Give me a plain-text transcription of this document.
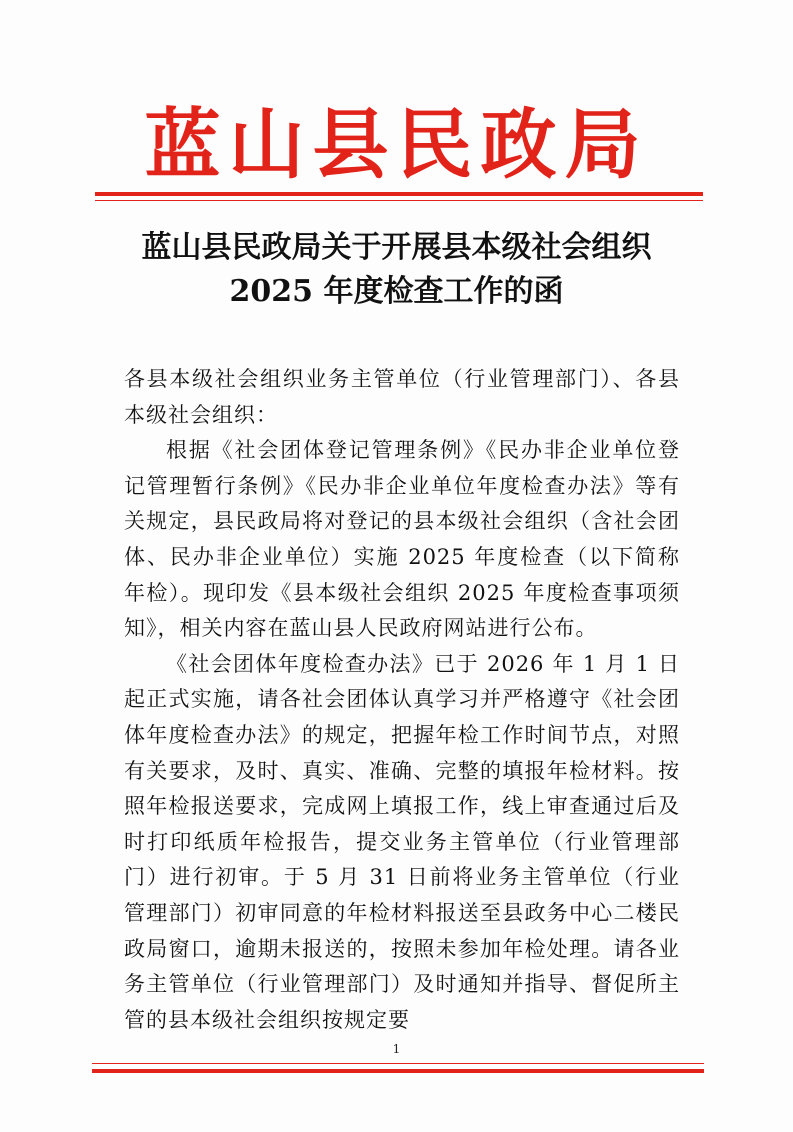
蓝山县民政局
蓝山县民政局关于开展县本级社会组织
2025 年度检查工作的函

各县本级社会组织业务主管单位（行业管理部门）、各县本级社会组织：

根据《社会团体登记管理条例》《民办非企业单位登记管理暂行条例》《民办非企业单位年度检查办法》等有关规定，县民政局将对登记的县本级社会组织（含社会团体、民办非企业单位）实施 2025 年度检查（以下简称年检）。现印发《县本级社会组织 2025 年度检查事项须知》，相关内容在蓝山县人民政府网站进行公布。

《社会团体年度检查办法》已于 2026 年 1 月 1 日起正式实施，请各社会团体认真学习并严格遵守《社会团体年度检查办法》的规定，把握年检工作时间节点，对照有关要求，及时、真实、准确、完整的填报年检材料。按照年检报送要求，完成网上填报工作，线上审查通过后及时打印纸质年检报告，提交业务主管单位（行业管理部门）进行初审。于 5 月 31 日前将业务主管单位（行业管理部门）初审同意的年检材料报送至县政务中心二楼民政局窗口，逾期未报送的，按照未参加年检处理。请各业务主管单位（行业管理部门）及时通知并指导、督促所主管的县本级社会组织按规定要

1
